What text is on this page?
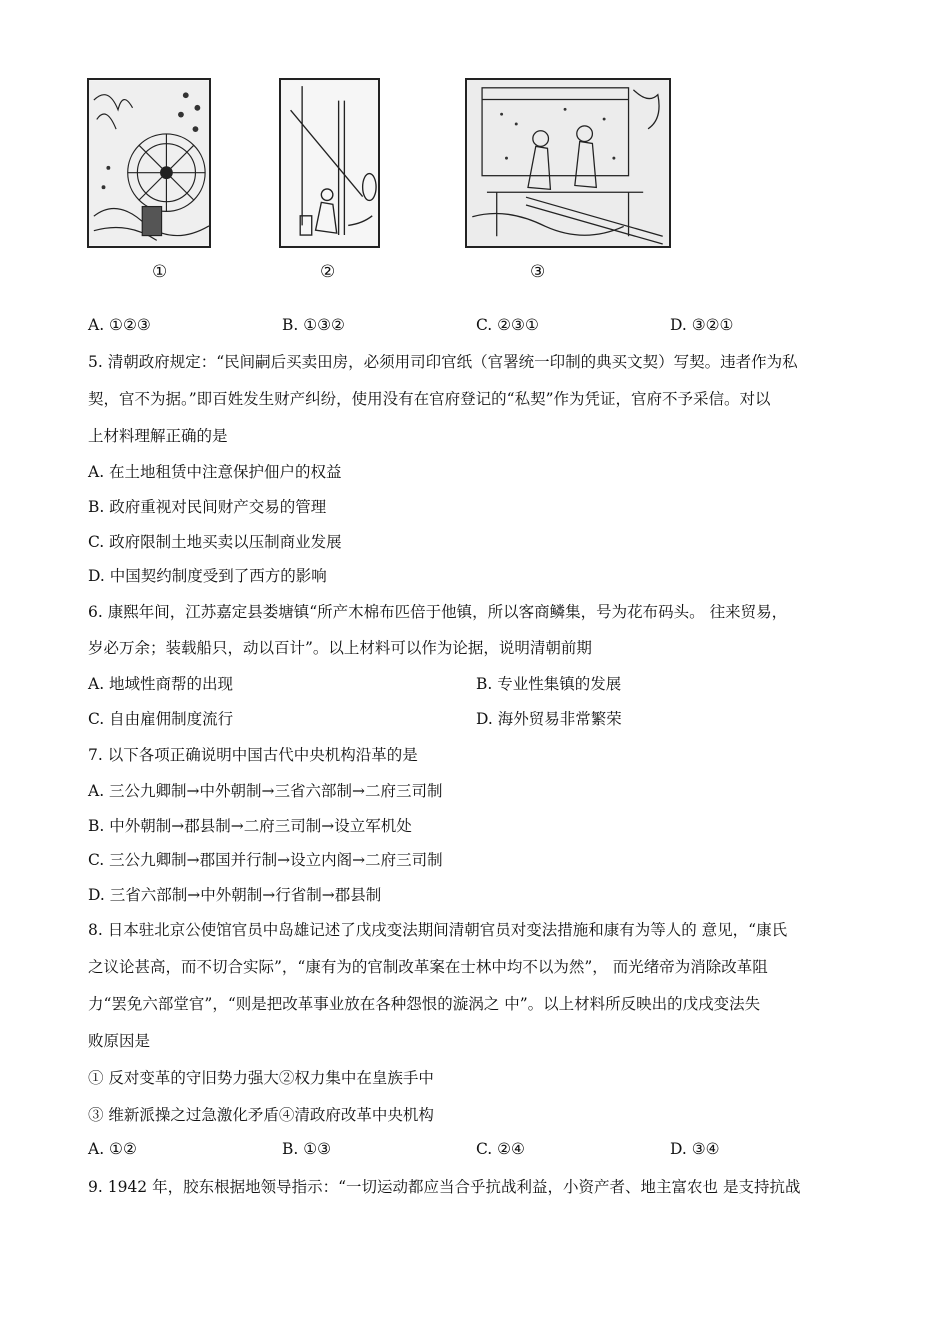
①	②	③
A. ①②③	B. ①③②	C. ②③①	D. ③②①
5. 清朝政府规定：“民间嗣后买卖田房，必须用司印官纸（官署统一印制的典买文契）写契。违者作为私
契，官不为据。”即百姓发生财产纠纷，使用没有在官府登记的“私契”作为凭证，官府不予采信。对以
上材料理解正确的是
A. 在土地租赁中注意保护佃户的权益
B. 政府重视对民间财产交易的管理
C. 政府限制土地买卖以压制商业发展
D. 中国契约制度受到了西方的影响
6. 康熙年间，江苏嘉定县娄塘镇“所产木棉布匹倍于他镇，所以客商鳞集，号为花布码头。 往来贸易，
岁必万余；装载船只，动以百计”。以上材料可以作为论据，说明清朝前期
A. 地域性商帮的出现	B. 专业性集镇的发展
C. 自由雇佣制度流行	D. 海外贸易非常繁荣
7. 以下各项正确说明中国古代中央机构沿革的是
A. 三公九卿制→中外朝制→三省六部制→二府三司制
B. 中外朝制→郡县制→二府三司制→设立军机处
C. 三公九卿制→郡国并行制→设立内阁→二府三司制
D. 三省六部制→中外朝制→行省制→郡县制
8. 日本驻北京公使馆官员中岛雄记述了戊戌变法期间清朝官员对变法措施和康有为等人的 意见，“康氏
之议论甚高，而不切合实际”，“康有为的官制改革案在士林中均不以为然”， 而光绪帝为消除改革阻
力“罢免六部堂官”，“则是把改革事业放在各种怨恨的漩涡之 中”。以上材料所反映出的戊戌变法失
败原因是
① 反对变革的守旧势力强大②权力集中在皇族手中
③ 维新派操之过急激化矛盾④清政府改革中央机构
A. ①②	B. ①③	C. ②④	D. ③④
9. 1942 年，胶东根据地领导指示：“一切运动都应当合乎抗战利益，小资产者、地主富农也 是支持抗战
